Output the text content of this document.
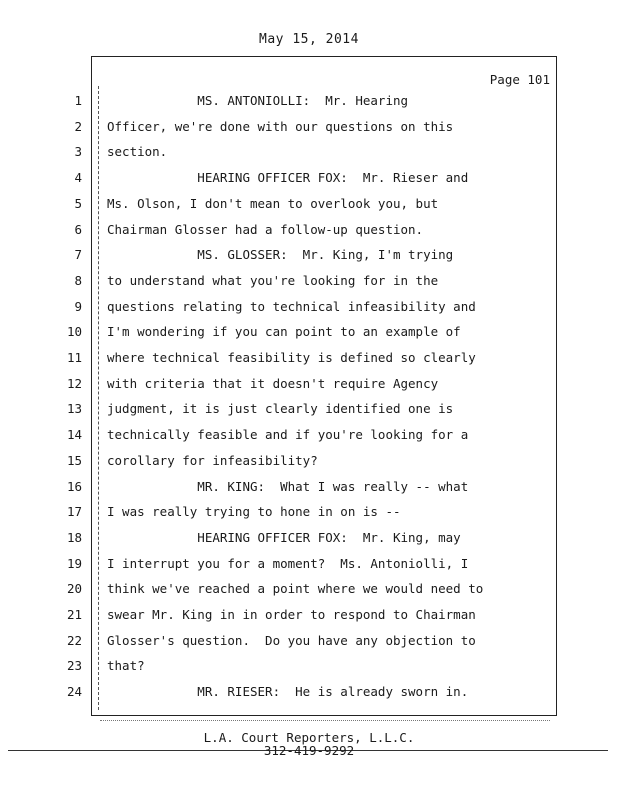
May 15, 2014
Page 101
1 MS. ANTONIOLLI:  Mr. Hearing
2 Officer, we're done with our questions on this
3 section.
4 HEARING OFFICER FOX:  Mr. Rieser and
5 Ms. Olson, I don't mean to overlook you, but
6 Chairman Glosser had a follow-up question.
7 MS. GLOSSER:  Mr. King, I'm trying
8 to understand what you're looking for in the
9 questions relating to technical infeasibility and
10 I'm wondering if you can point to an example of
11 where technical feasibility is defined so clearly
12 with criteria that it doesn't require Agency
13 judgment, it is just clearly identified one is
14 technically feasible and if you're looking for a
15 corollary for infeasibility?
16 MR. KING:  What I was really -- what
17 I was really trying to hone in on is --
18 HEARING OFFICER FOX:  Mr. King, may
19 I interrupt you for a moment?  Ms. Antoniolli, I
20 think we've reached a point where we would need to
21 swear Mr. King in in order to respond to Chairman
22 Glosser's question.  Do you have any objection to
23 that?
24 MR. RIESER:  He is already sworn in.
L.A. Court Reporters, L.L.C.
312-419-9292
